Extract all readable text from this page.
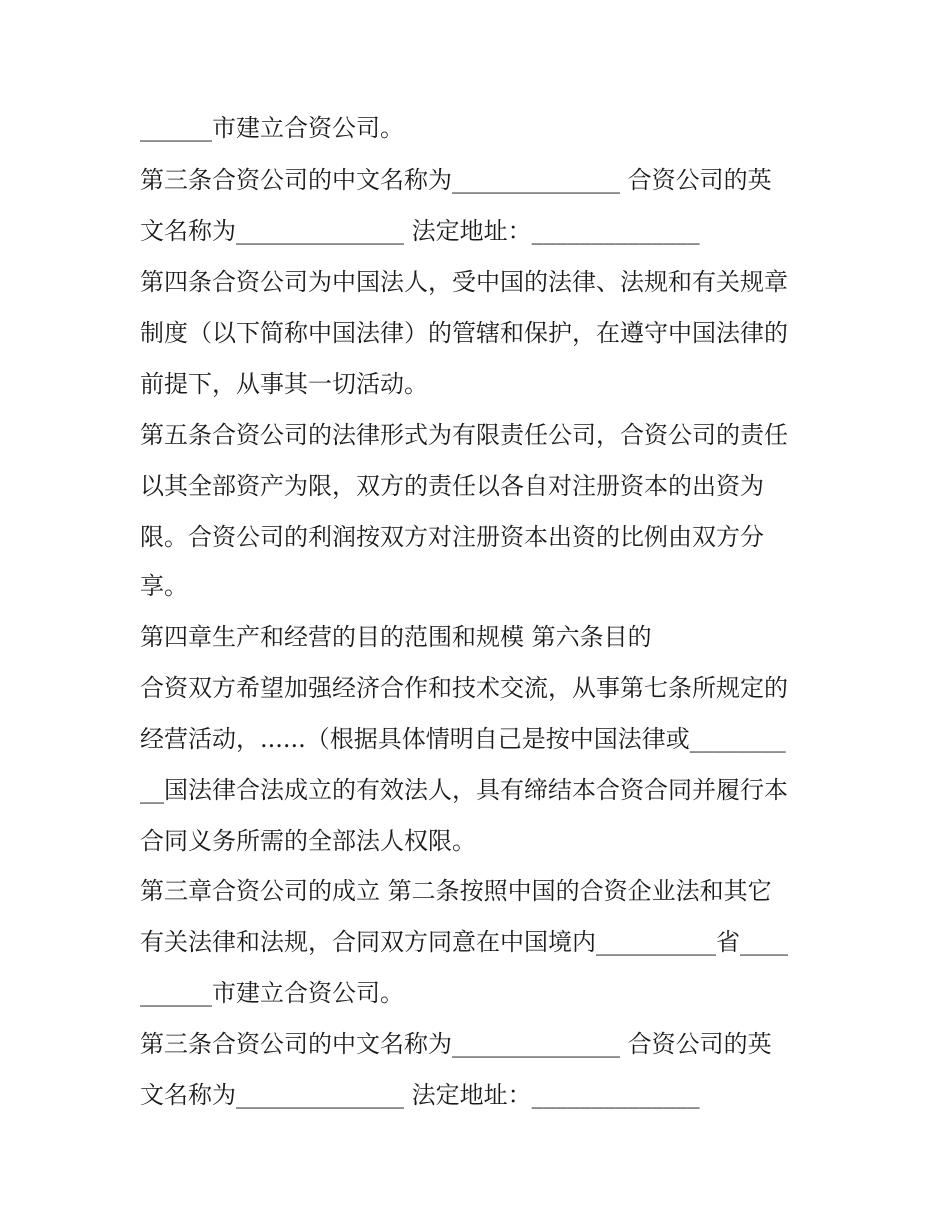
______市建立合资公司。
第三条合资公司的中文名称为______________ 合资公司的英
文名称为______________ 法定地址：______________
第四条合资公司为中国法人，受中国的法律、法规和有关规章
制度（以下简称中国法律）的管辖和保护，在遵守中国法律的
前提下，从事其一切活动。
第五条合资公司的法律形式为有限责任公司，合资公司的责任
以其全部资产为限，双方的责任以各自对注册资本的出资为
限。合资公司的利润按双方对注册资本出资的比例由双方分
享。
第四章生产和经营的目的范围和规模 第六条目的
合资双方希望加强经济合作和技术交流，从事第七条所规定的
经营活动，......（根据具体情明自己是按中国法律或________
__国法律合法成立的有效法人，具有缔结本合资合同并履行本
合同义务所需的全部法人权限。
第三章合资公司的成立 第二条按照中国的合资企业法和其它
有关法律和法规，合同双方同意在中国境内__________省____
______市建立合资公司。
第三条合资公司的中文名称为______________ 合资公司的英
文名称为______________ 法定地址：______________
